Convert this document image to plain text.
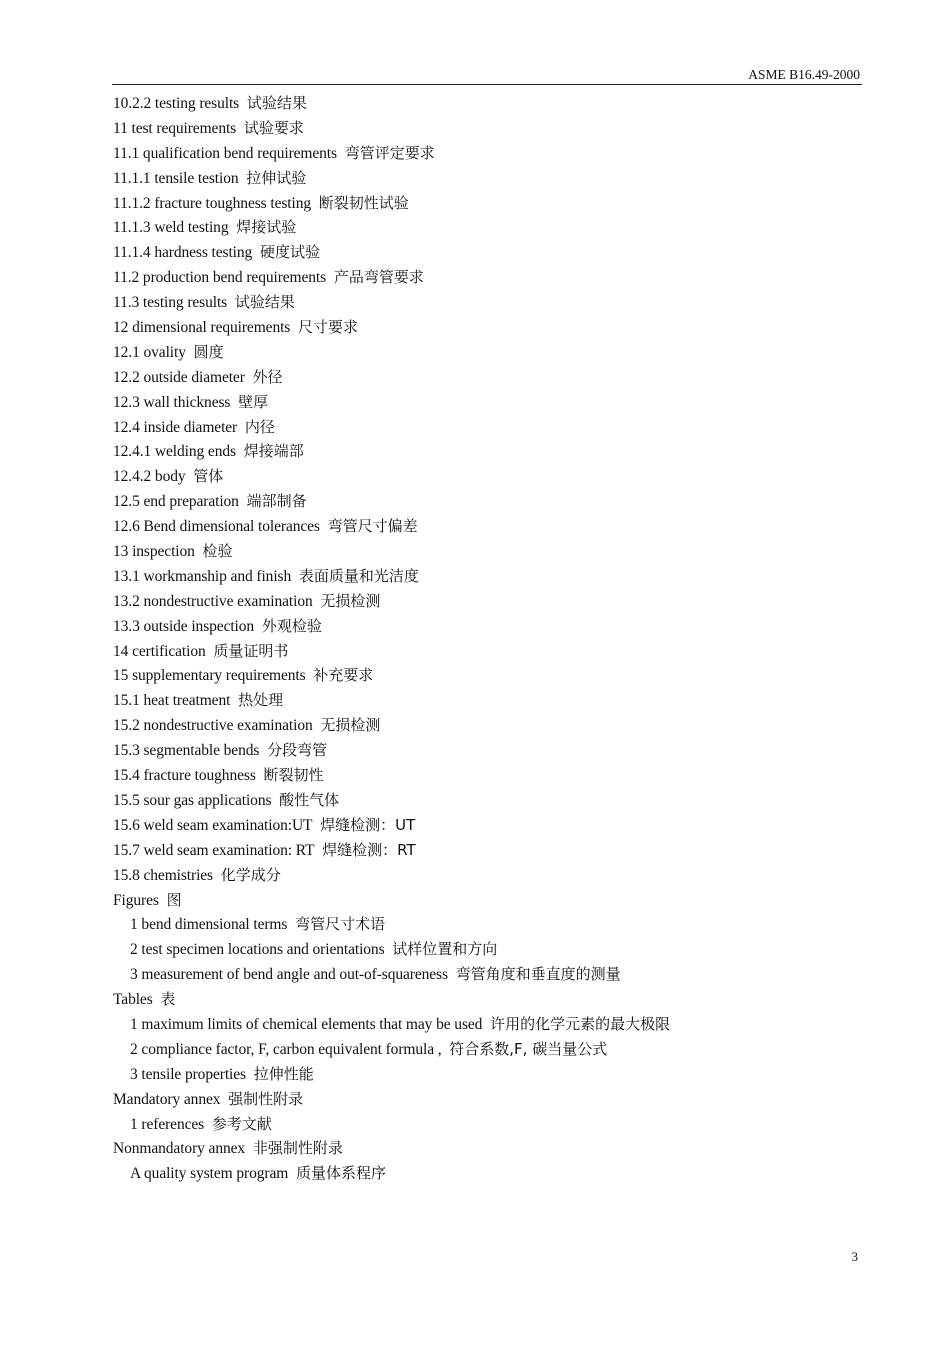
ASME B16.49-2000
10.2.2 testing results 试验结果
11 test requirements 试验要求
11.1 qualification bend requirements 弯管评定要求
11.1.1 tensile testion 拉伸试验
11.1.2 fracture toughness testing 断裂韧性试验
11.1.3 weld testing 焊接试验
11.1.4 hardness testing 硬度试验
11.2 production bend requirements 产品弯管要求
11.3 testing results 试验结果
12 dimensional requirements 尺寸要求
12.1 ovality 圆度
12.2 outside diameter 外径
12.3 wall thickness 壁厚
12.4 inside diameter 内径
12.4.1 welding ends 焊接端部
12.4.2 body 管体
12.5 end preparation 端部制备
12.6 Bend dimensional tolerances 弯管尺寸偏差
13 inspection 检验
13.1 workmanship and finish 表面质量和光洁度
13.2 nondestructive examination 无损检测
13.3 outside inspection 外观检验
14 certification 质量证明书
15 supplementary requirements 补充要求
15.1 heat treatment 热处理
15.2 nondestructive examination 无损检测
15.3 segmentable bends 分段弯管
15.4 fracture toughness 断裂韧性
15.5 sour gas applications 酸性气体
15.6 weld seam examination:UT 焊缝检测：UT
15.7 weld seam examination: RT 焊缝检测：RT
15.8 chemistries 化学成分
Figures 图
1 bend dimensional terms 弯管尺寸术语
2 test specimen locations and orientations 试样位置和方向
3 measurement of bend angle and out-of-squareness 弯管角度和垂直度的测量
Tables 表
1 maximum limits of chemical elements that may be used 许用的化学元素的最大极限
2 compliance factor, F, carbon equivalent formula , 符合系数,F, 碳当量公式
3 tensile properties 拉伸性能
Mandatory annex 强制性附录
1 references 参考文献
Nonmandatory annex 非强制性附录
A quality system program 质量体系程序
3
